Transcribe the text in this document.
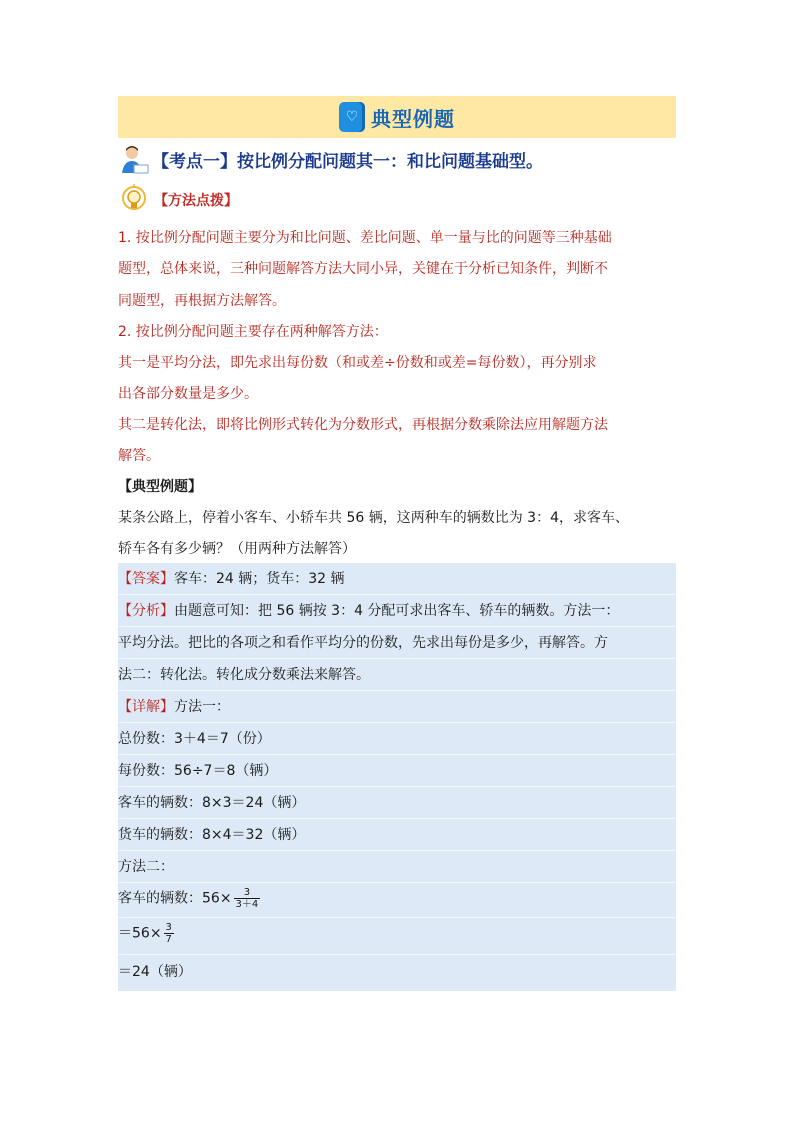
♡ 典型例题
【考点一】按比例分配问题其一：和比问题基础型。
【方法点拨】
1. 按比例分配问题主要分为和比问题、差比问题、单一量与比的问题等三种基础
题型，总体来说，三种问题解答方法大同小异，关键在于分析已知条件，判断不
同题型，再根据方法解答。
2. 按比例分配问题主要存在两种解答方法：
其一是平均分法，即先求出每份数（和或差÷份数和或差=每份数），再分别求
出各部分数量是多少。
其二是转化法，即将比例形式转化为分数形式，再根据分数乘除法应用解题方法
解答。
【典型例题】
某条公路上，停着小客车、小轿车共 56 辆，这两种车的辆数比为 3：4，求客车、
轿车各有多少辆？（用两种方法解答）
【答案】客车：24 辆；货车：32 辆
【分析】由题意可知：把 56 辆按 3：4 分配可求出客车、轿车的辆数。方法一：
平均分法。把比的各项之和看作平均分的份数，先求出每份是多少，再解答。方
法二：转化法。转化成分数乘法来解答。
【详解】方法一：
总份数：3＋4＝7（份）
每份数：56÷7＝8（辆）
客车的辆数：8×3＝24（辆）
货车的辆数：8×4＝32（辆）
方法二：
客车的辆数：$56\times \frac{3}{3+4}$
$=56\times \frac{3}{7}$
＝24（辆）
